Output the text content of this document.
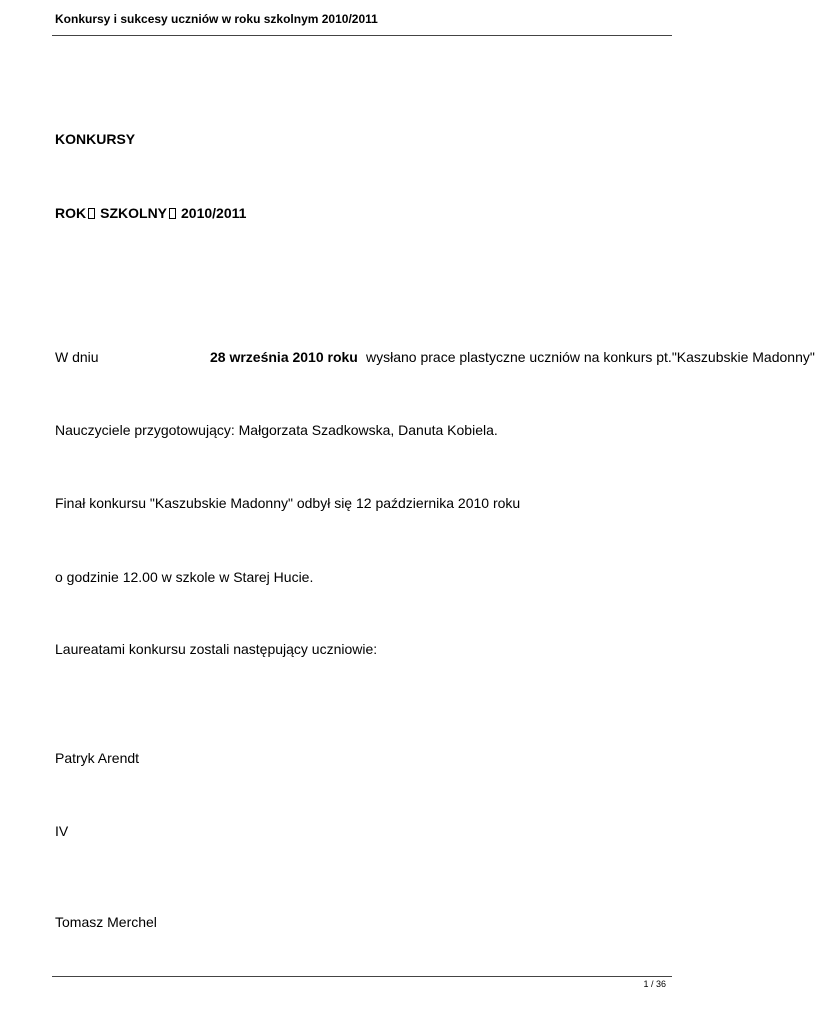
Konkursy i sukcesy uczniów w roku szkolnym 2010/2011
KONKURSY
ROK SZKOLNY 2010/2011
W dniu	28 września 2010 roku wysłano prace plastyczne uczniów na konkurs pt."Kaszubskie Madonny"
Nauczyciele przygotowujący: Małgorzata Szadkowska, Danuta Kobiela.
Finał konkursu "Kaszubskie Madonny" odbył się 12 października 2010 roku
o godzinie 12.00 w szkole w Starej Hucie.
Laureatami konkursu zostali następujący uczniowie:
Patryk Arendt
IV
Tomasz Merchel
1 / 36
